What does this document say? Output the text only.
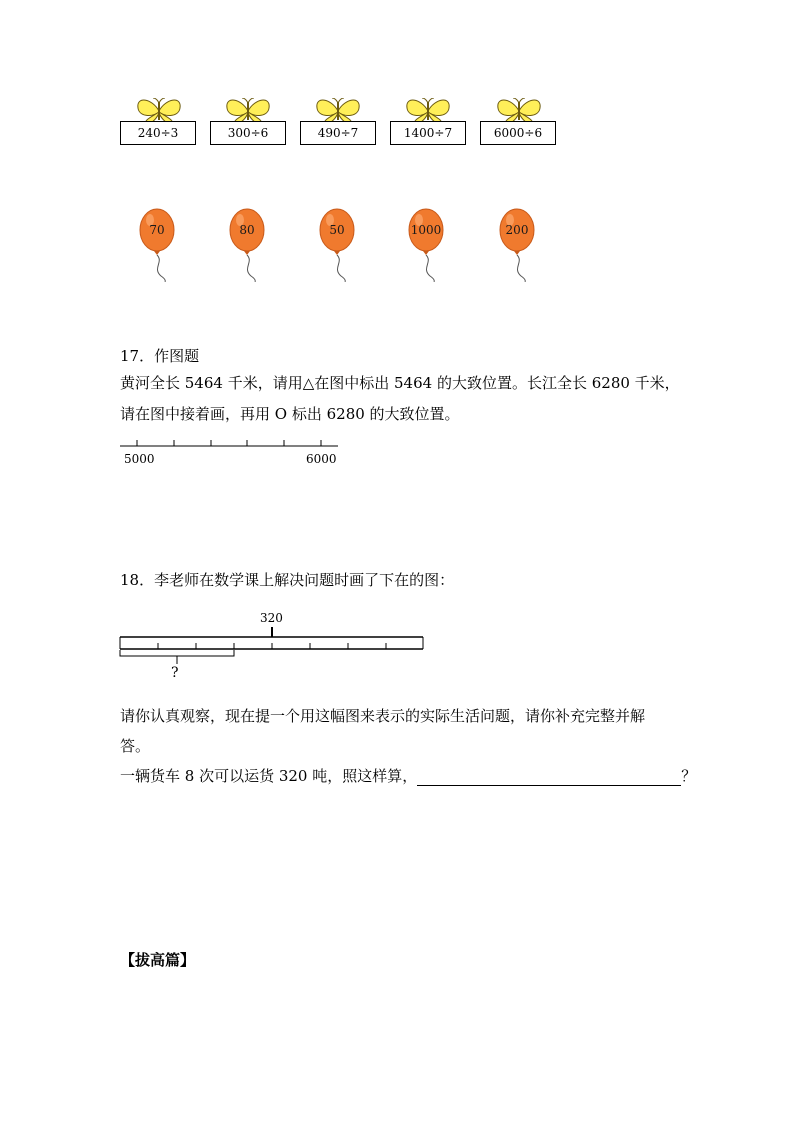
240÷3	300÷6	490÷7	1400÷7	6000÷6
70	80	50	1000	200
17．作图题
黄河全长 5464 千米，请用△在图中标出 5464 的大致位置。长江全长 6280 千米，
请在图中接着画，再用 O 标出 6280 的大致位置。
5000	6000
18．李老师在数学课上解决问题时画了下在的图：
320
?
请你认真观察，现在提一个用这幅图来表示的实际生活问题，请你补充完整并解
答。
一辆货车 8 次可以运货 320 吨，照这样算，	？
【拔高篇】
